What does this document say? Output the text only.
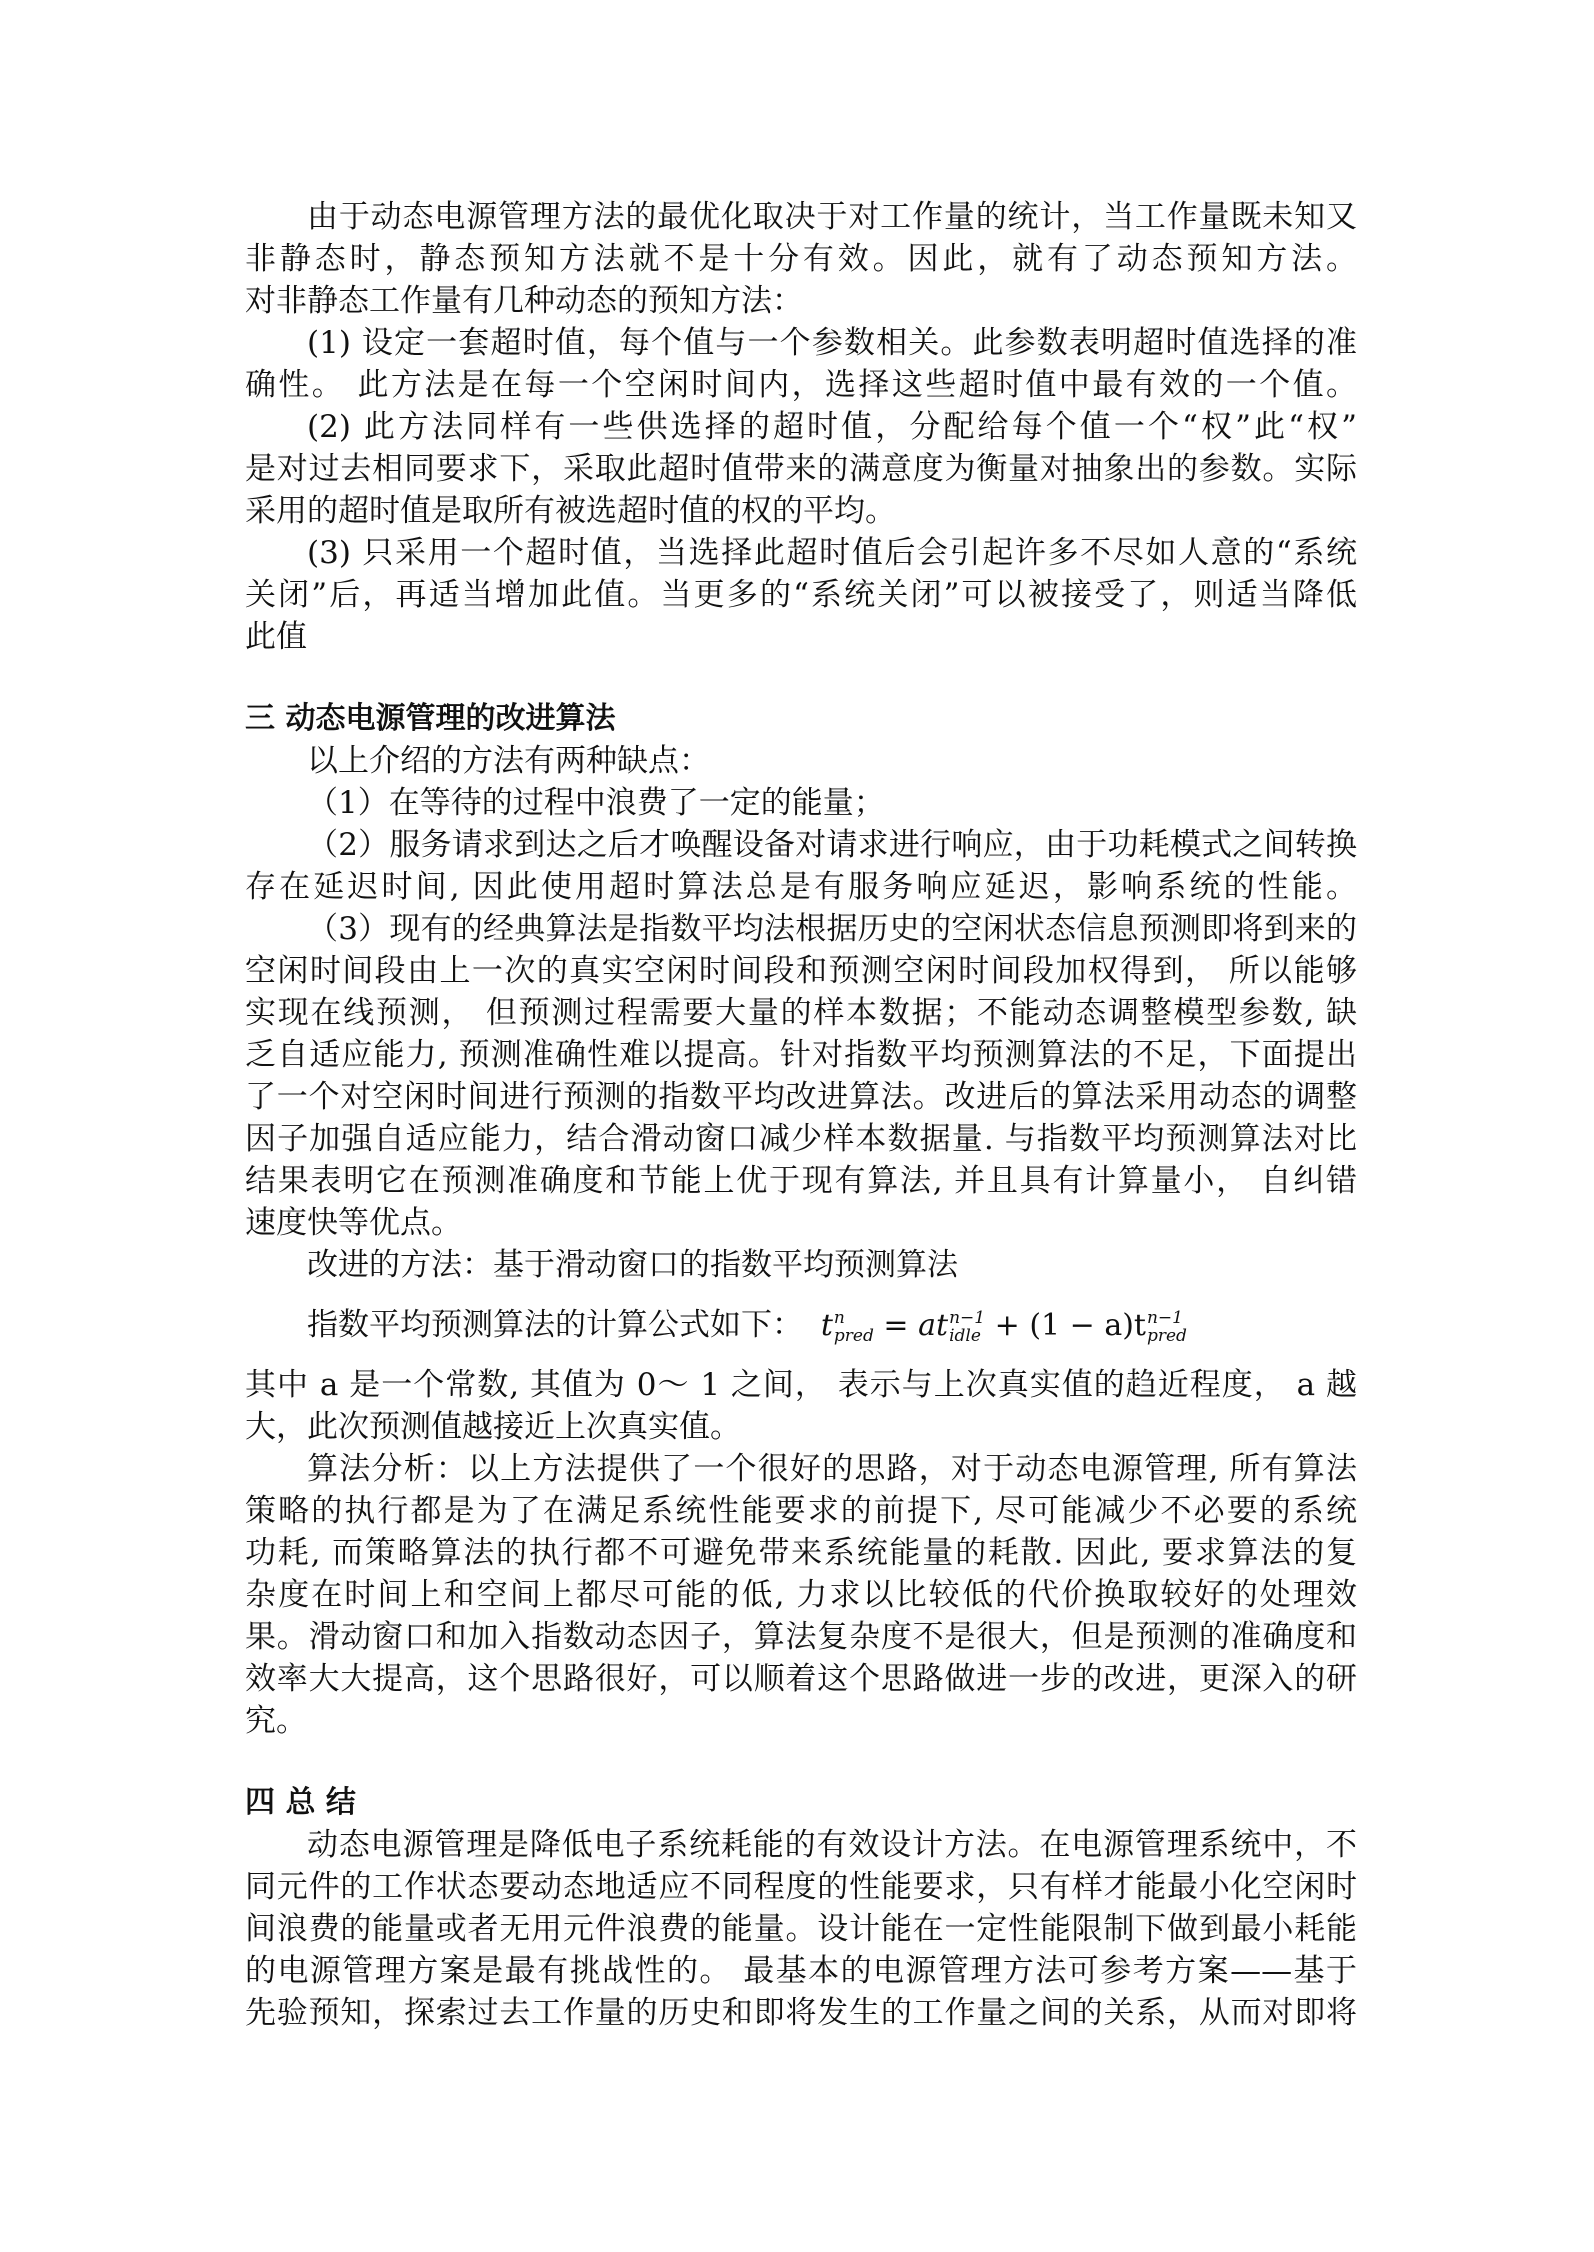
由于动态电源管理方法的最优化取决于对工作量的统计，当工作量既未知又
非静态时，静态预知方法就不是十分有效。因此，就有了动态预知方法。
对非静态工作量有几种动态的预知方法：
(1) 设定一套超时值，每个值与一个参数相关。此参数表明超时值选择的准
确性。 此方法是在每一个空闲时间内，选择这些超时值中最有效的一个值。
(2) 此方法同样有一些供选择的超时值，分配给每个值一个“权”此“权”
是对过去相同要求下，采取此超时值带来的满意度为衡量对抽象出的参数。实际
采用的超时值是取所有被选超时值的权的平均。
(3) 只采用一个超时值，当选择此超时值后会引起许多不尽如人意的“系统
关闭”后，再适当增加此值。当更多的“系统关闭”可以被接受了，则适当降低
此值
三 动态电源管理的改进算法
以上介绍的方法有两种缺点：
（1）在等待的过程中浪费了一定的能量；
（2）服务请求到达之后才唤醒设备对请求进行响应，由于功耗模式之间转换
存在延迟时间, 因此使用超时算法总是有服务响应延迟，影响系统的性能。
（3）现有的经典算法是指数平均法根据历史的空闲状态信息预测即将到来的
空闲时间段由上一次的真实空闲时间段和预测空闲时间段加权得到， 所以能够
实现在线预测， 但预测过程需要大量的样本数据；不能动态调整模型参数, 缺
乏自适应能力, 预测准确性难以提高。针对指数平均预测算法的不足，下面提出
了一个对空闲时间进行预测的指数平均改进算法。改进后的算法采用动态的调整
因子加强自适应能力，结合滑动窗口减少样本数据量. 与指数平均预测算法对比
结果表明它在预测准确度和节能上优于现有算法, 并且具有计算量小， 自纠错
速度快等优点。
改进的方法：基于滑动窗口的指数平均预测算法
指数平均预测算法的计算公式如下： t n
pred = at n−1
idle + (1 − a)t n−1
pred
其中 a 是一个常数, 其值为 0～ 1 之间， 表示与上次真实值的趋近程度， a 越
大，此次预测值越接近上次真实值。
算法分析：以上方法提供了一个很好的思路，对于动态电源管理, 所有算法
策略的执行都是为了在满足系统性能要求的前提下, 尽可能减少不必要的系统
功耗, 而策略算法的执行都不可避免带来系统能量的耗散. 因此, 要求算法的复
杂度在时间上和空间上都尽可能的低, 力求以比较低的代价换取较好的处理效
果。滑动窗口和加入指数动态因子，算法复杂度不是很大，但是预测的准确度和
效率大大提高，这个思路很好，可以顺着这个思路做进一步的改进，更深入的研
究。
四 总 结
动态电源管理是降低电子系统耗能的有效设计方法。在电源管理系统中，不
同元件的工作状态要动态地适应不同程度的性能要求，只有样才能最小化空闲时
间浪费的能量或者无用元件浪费的能量。设计能在一定性能限制下做到最小耗能
的电源管理方案是最有挑战性的。 最基本的电源管理方法可参考方案——基于
先验预知，探索过去工作量的历史和即将发生的工作量之间的关系，从而对即将
